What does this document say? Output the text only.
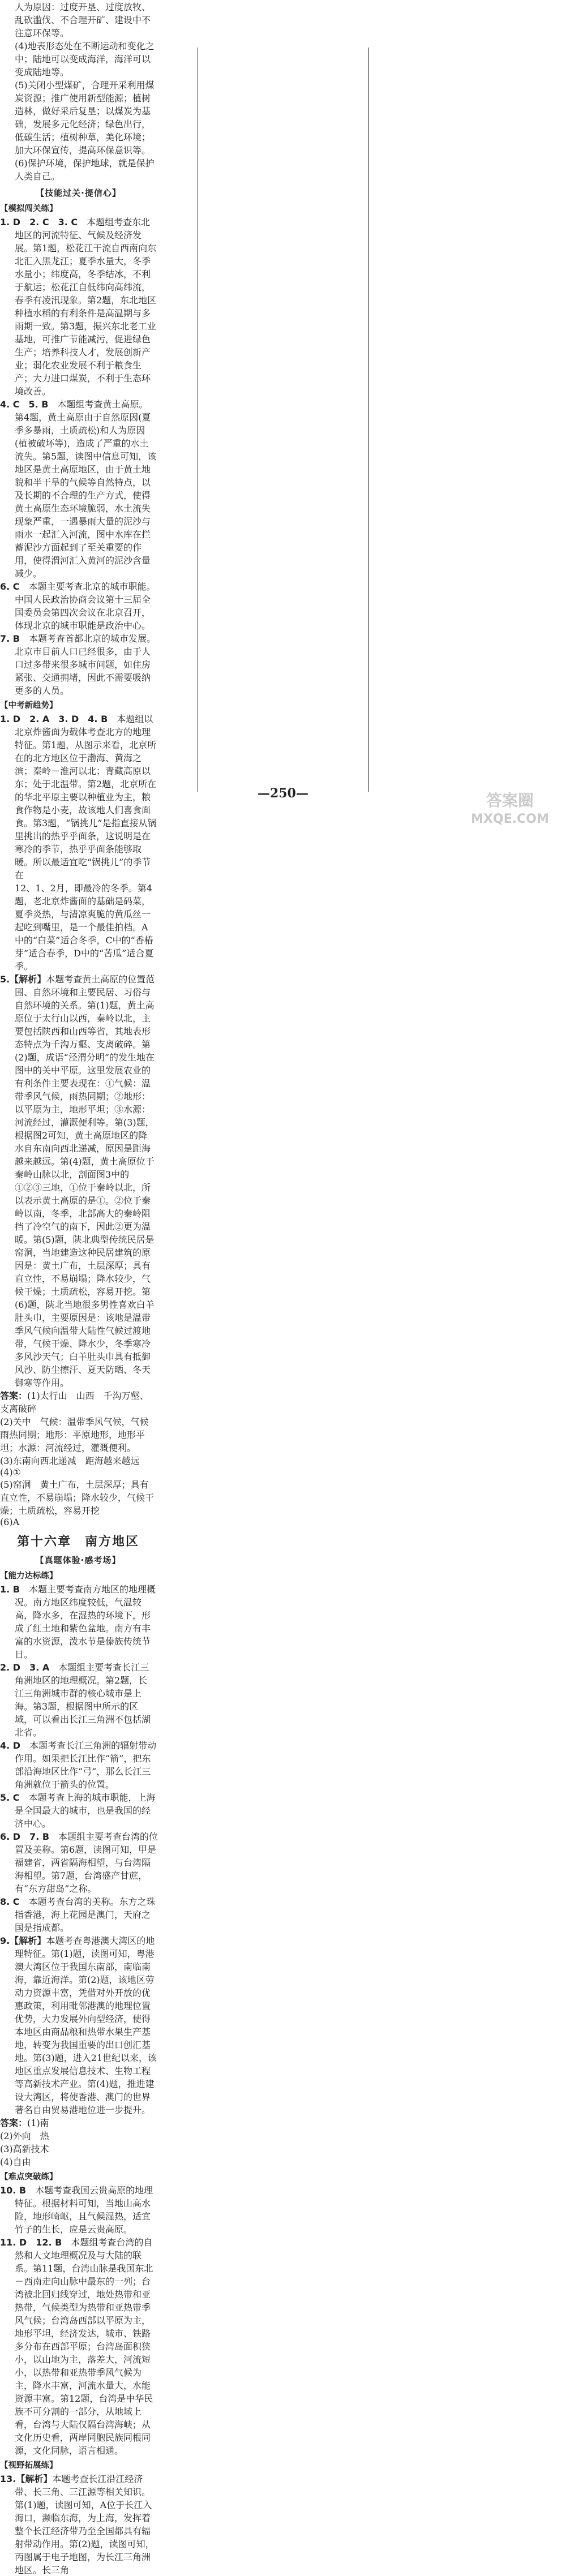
人为原因：过度开垦、过度放牧、乱砍滥伐、不合理开矿、建设中不注意环保等。

(4)地表形态处在不断运动和变化之中；陆地可以变成海洋，海洋可以变成陆地等。

(5)关闭小型煤矿，合理开采利用煤炭资源；推广使用新型能源；植树造林，做好采后复垦；以煤炭为基础，发展多元化经济；绿色出行，低碳生活；植树种草，美化环境；加大环保宣传，提高环保意识等。

(6)保护环境，保护地球，就是保护人类自己。

【技能过关·提信心】

【模拟闯关练】

1. D　2. C　3. C　本题组考查东北地区的河流特征、气候及经济发展。第1题，松花江干流自西南向东北汇入黑龙江；夏季水量大，冬季水量小；纬度高，冬季结冰，不利于航运；松花江自低纬向高纬流，春季有凌汛现象。第2题，东北地区种植水稻的有利条件是高温期与多雨期一致。第3题，振兴东北老工业基地，可推广节能减污，促进绿色生产；培养科技人才，发展创新产业；弱化农业发展不利于粮食生产；大力进口煤炭，不利于生态环境改善。

4. C　5. B　本题组考查黄土高原。第4题，黄土高原由于自然原因(夏季多暴雨，土质疏松)和人为原因(植被破坏等)，造成了严重的水土流失。第5题，读图中信息可知，该地区是黄土高原地区，由于黄土地貌和半干旱的气候等自然特点，以及长期的不合理的生产方式，使得黄土高原生态环境脆弱，水土流失现象严重，一遇暴雨大量的泥沙与雨水一起汇入河流，图中水库在拦蓄泥沙方面起到了至关重要的作用，使得渭河汇入黄河的泥沙含量减少。

6. C　本题主要考查北京的城市职能。中国人民政治协商会议第十三届全国委员会第四次会议在北京召开，体现北京的城市职能是政治中心。

7. B　本题考查首都北京的城市发展。北京市目前人口已经很多，由于人口过多带来很多城市问题，如住房紧张、交通拥堵，因此不需要吸纳更多的人员。

【中考新趋势】

1. D　2. A　3. D　4. B　本题组以北京炸酱面为载体考查北方的地理特征。第1题，从图示来看，北京所在的北方地区位于渤海、黄海之滨；秦岭－淮河以北；青藏高原以东；处于北温带。第2题，北京所在的华北平原主要以种植业为主，粮食作物是小麦，故该地人们喜食面食。第3题，“锅挑儿”是指直接从锅里挑出的热乎乎面条，这说明是在寒冷的季节，热乎乎面条能够取暖。所以最适宜吃“锅挑儿”的季节在

12、1、2月，即最冷的冬季。第4题，老北京炸酱面的基础是码菜，夏季炎热，与清凉爽脆的黄瓜丝一起吃到嘴里，是一个最佳拍档。A中的“白菜”适合冬季，C中的“香椿芽”适合春季，D中的“苦瓜”适合夏季。

5.【解析】本题考查黄土高原的位置范围、自然环境和主要民居、习俗与自然环境的关系。第(1)题，黄土高原位于太行山以西，秦岭以北，主要包括陕西和山西等省，其地表形态特点为千沟万壑、支离破碎。第(2)题，成语“泾渭分明”的发生地在图中的关中平原。这里发展农业的有利条件主要表现在：①气候：温带季风气候，雨热同期；②地形：以平原为主，地形平坦；③水源：河流经过，灌溉便利等。第(3)题，根据图2可知，黄土高原地区的降水自东南向西北递减，原因是距海越来越远。第(4)题，黄土高原位于秦岭山脉以北，剖面图3中的①②③三地，①位于秦岭以北，所以表示黄土高原的是①。②位于秦岭以南，冬季，北部高大的秦岭阻挡了冷空气的南下，因此②更为温暖。第(5)题，陕北典型传统民居是窑洞，当地建造这种民居建筑的原因是：黄土广布，土层深厚；具有直立性，不易崩塌；降水较少，气候干燥；土质疏松，容易开挖。第(6)题，陕北当地很多男性喜欢白羊肚头巾，主要原因是：该地是温带季风气候向温带大陆性气候过渡地带，气候干燥、降水少，冬季寒冷多风沙天气；白羊肚头巾具有抵御风沙、防尘擦汗、夏天防晒、冬天御寒等作用。

答案：(1)太行山　山西　千沟万壑、支离破碎

(2)关中　气候：温带季风气候，气候雨热同期；地形：平原地形，地形平坦；水源：河流经过，灌溉便利。

(3)东南向西北递减　距海越来越远

(4)①

(5)窑洞　黄土广布，土层深厚；具有直立性，不易崩塌；降水较少，气候干燥；土质疏松，容易开挖

(6)A

第十六章　南方地区

【真题体验·感考场】

【能力达标练】

1. B　本题主要考查南方地区的地理概况。南方地区纬度较低，气温较高，降水多，在湿热的环境下，形成了红土地和紫色盆地。南方有丰富的水资源，泼水节是傣族传统节日。

2. D　3. A　本题组主要考查长江三角洲地区的地理概况。第2题，长江三角洲城市群的核心城市是上海。第3题，根据图中所示的区域，可以看出长江三角洲不包括湖北省。

4. D　本题考查长江三角洲的辐射带动作用。如果把长江比作“箭”，把东部沿海地区比作“弓”，那么长江三角洲就位于箭头的位置。

5. C　本题考查上海的城市职能，上海是全国最大的城市，也是我国的经济中心。

6. D　7. B　本题组主要考查台湾的位置及美称。第6题，读图可知，甲是福建省，两省隔海相望，与台湾隔海相望。第7题，台湾盛产甘蔗，有“东方甜岛”之称。

8. C　本题考查台湾的美称。东方之珠指香港，海上花园是澳门，天府之国是指成都。

9.【解析】本题考查粤港澳大湾区的地理特征。第(1)题，读图可知，粤港澳大湾区位于我国东南部，南临南海，靠近海洋。第(2)题，该地区劳动力资源丰富，凭借对外开放的优惠政策，利用毗邻港澳的地理位置优势，大力发展外向型经济，使得本地区由商品粮和热带水果生产基地，转变为我国重要的出口创汇基地。第(3)题，进入21世纪以来，该地区重点发展信息技术、生物工程等高新技术产业。第(4)题，推进建设大湾区，将使香港、澳门的世界著名自由贸易港地位进一步提升。

答案：(1)南

(2)外向　热

(3)高新技术

(4)自由

【难点突破练】

10. B　本题考查我国云贵高原的地理特征。根据材料可知，当地山高水险，地形崎岖，且气候湿热，适宜竹子的生长，应是云贵高原。

11. D　12. B　本题组考查台湾的自然和人文地理概况及与大陆的联系。第11题，台湾山脉是我国东北－西南走向山脉中最东的一列；台湾被北回归线穿过，地处热带和亚热带，气候类型为热带和亚热带季风气候；台湾岛西部以平原为主，地形平坦，经济发达，城市、铁路多分布在西部平原；台湾岛面积狭小，以山地为主，落差大，河流短小，以热带和亚热带季风气候为主，降水丰富，河流水量大，水能资源丰富。第12题，台湾是中华民族不可分割的一部分，从地域上看，台湾与大陆仅隔台湾海峡；从文化历史看，两岸同胞民族同根同源，文化同脉，语言相通。

【视野拓展练】

13.【解析】本题考查长江沿江经济带、长三角、三江源等相关知识。第(1)题，读图可知，A位于长江入海口，濒临东海，为上海，发挥着整个长江经济带乃至全国都具有辐射带动作用。第(2)题，读图可知，丙图属于电子地图，为长江三角洲地区。长三角

—250—	答案圈
MXQE.COM
